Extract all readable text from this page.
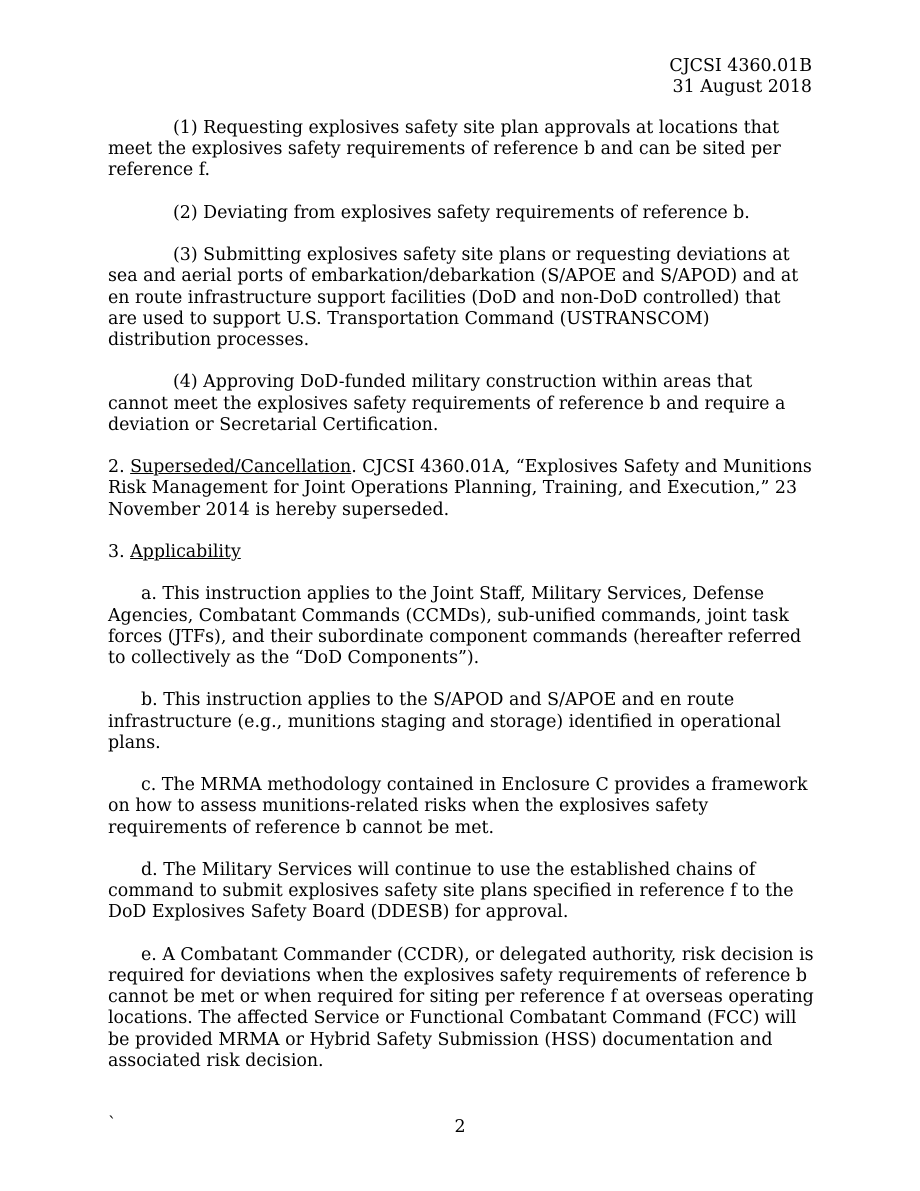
CJCSI 4360.01B
31 August 2018

(1) Requesting explosives safety site plan approvals at locations that meet the explosives safety requirements of reference b and can be sited per reference f.

(2) Deviating from explosives safety requirements of reference b.

(3) Submitting explosives safety site plans or requesting deviations at sea and aerial ports of embarkation/debarkation (S/APOE and S/APOD) and at en route infrastructure support facilities (DoD and non-DoD controlled) that are used to support U.S. Transportation Command (USTRANSCOM) distribution processes.

(4) Approving DoD-funded military construction within areas that cannot meet the explosives safety requirements of reference b and require a deviation or Secretarial Certification.

2. Superseded/Cancellation. CJCSI 4360.01A, “Explosives Safety and Munitions Risk Management for Joint Operations Planning, Training, and Execution,” 23 November 2014 is hereby superseded.

3. Applicability

a. This instruction applies to the Joint Staff, Military Services, Defense Agencies, Combatant Commands (CCMDs), sub-unified commands, joint task forces (JTFs), and their subordinate component commands (hereafter referred to collectively as the “DoD Components”).

b. This instruction applies to the S/APOD and S/APOE and en route infrastructure (e.g., munitions staging and storage) identified in operational plans.

c. The MRMA methodology contained in Enclosure C provides a framework on how to assess munitions-related risks when the explosives safety requirements of reference b cannot be met.

d. The Military Services will continue to use the established chains of command to submit explosives safety site plans specified in reference f to the DoD Explosives Safety Board (DDESB) for approval.

e. A Combatant Commander (CCDR), or delegated authority, risk decision is required for deviations when the explosives safety requirements of reference b cannot be met or when required for siting per reference f at overseas operating locations. The affected Service or Functional Combatant Command (FCC) will be provided MRMA or Hybrid Safety Submission (HSS) documentation and associated risk decision.

`	2
